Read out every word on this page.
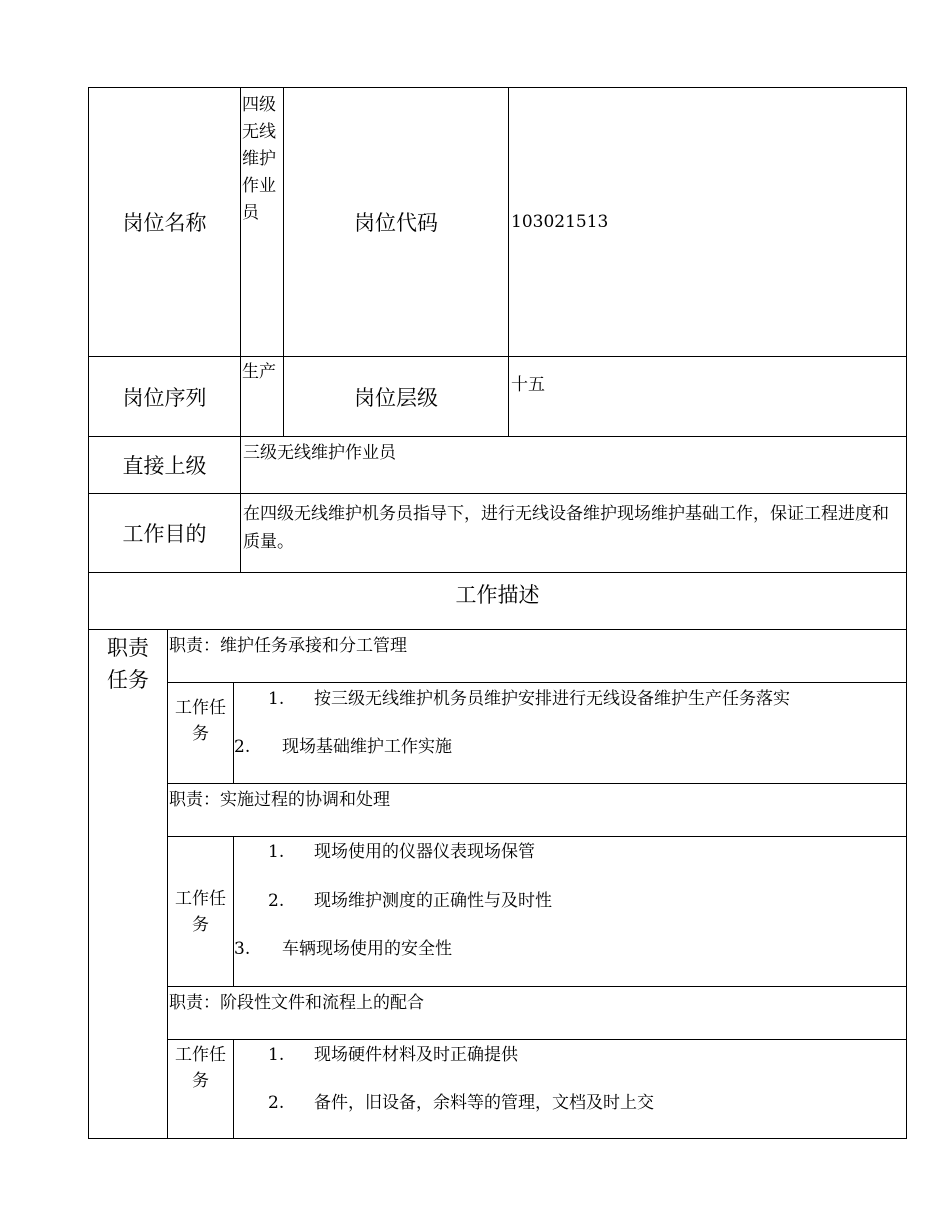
岗位名称
四级无线维护作业员	岗位代码	103021513
岗位序列
生产
岗位层级
十五
直接上级
三级无线维护作业员
工作目的
在四级无线维护机务员指导下，进行无线设备维护现场维护基础工作，保证工程进度和质量。
工作描述
职责任务
职责：维护任务承接和分工管理
工作任务
1. 按三级无线维护机务员维护安排进行无线设备维护生产任务落实
2. 现场基础维护工作实施
职责：实施过程的协调和处理
工作任务
1. 现场使用的仪器仪表现场保管
2. 现场维护测度的正确性与及时性
3. 车辆现场使用的安全性
职责：阶段性文件和流程上的配合
工作任务
1. 现场硬件材料及时正确提供
2. 备件，旧设备，余料等的管理，文档及时上交
